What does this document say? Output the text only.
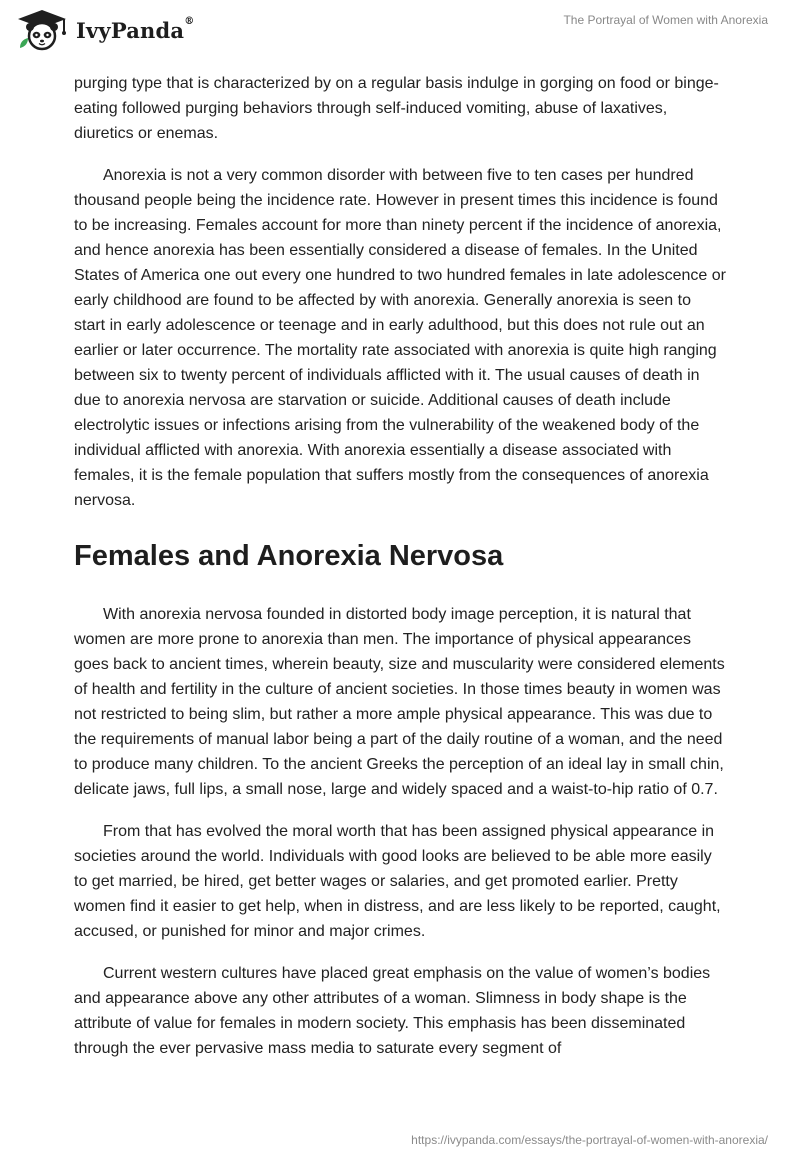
IvyPanda®	The Portrayal of Women with Anorexia

purging type that is characterized by on a regular basis indulge in gorging on food or binge-eating followed purging behaviors through self-induced vomiting, abuse of laxatives, diuretics or enemas.

Anorexia is not a very common disorder with between five to ten cases per hundred thousand people being the incidence rate. However in present times this incidence is found to be increasing. Females account for more than ninety percent if the incidence of anorexia, and hence anorexia has been essentially considered a disease of females. In the United States of America one out every one hundred to two hundred females in late adolescence or early childhood are found to be affected by with anorexia. Generally anorexia is seen to start in early adolescence or teenage and in early adulthood, but this does not rule out an earlier or later occurrence. The mortality rate associated with anorexia is quite high ranging between six to twenty percent of individuals afflicted with it. The usual causes of death in due to anorexia nervosa are starvation or suicide. Additional causes of death include electrolytic issues or infections arising from the vulnerability of the weakened body of the individual afflicted with anorexia. With anorexia essentially a disease associated with females, it is the female population that suffers mostly from the consequences of anorexia nervosa.

Females and Anorexia Nervosa

With anorexia nervosa founded in distorted body image perception, it is natural that women are more prone to anorexia than men. The importance of physical appearances goes back to ancient times, wherein beauty, size and muscularity were considered elements of health and fertility in the culture of ancient societies. In those times beauty in women was not restricted to being slim, but rather a more ample physical appearance. This was due to the requirements of manual labor being a part of the daily routine of a woman, and the need to produce many children. To the ancient Greeks the perception of an ideal lay in small chin, delicate jaws, full lips, a small nose, large and widely spaced and a waist-to-hip ratio of 0.7.

From that has evolved the moral worth that has been assigned physical appearance in societies around the world. Individuals with good looks are believed to be able more easily to get married, be hired, get better wages or salaries, and get promoted earlier. Pretty women find it easier to get help, when in distress, and are less likely to be reported, caught, accused, or punished for minor and major crimes.

Current western cultures have placed great emphasis on the value of women’s bodies and appearance above any other attributes of a woman. Slimness in body shape is the attribute of value for females in modern society. This emphasis has been disseminated through the ever pervasive mass media to saturate every segment of

https://ivypanda.com/essays/the-portrayal-of-women-with-anorexia/
